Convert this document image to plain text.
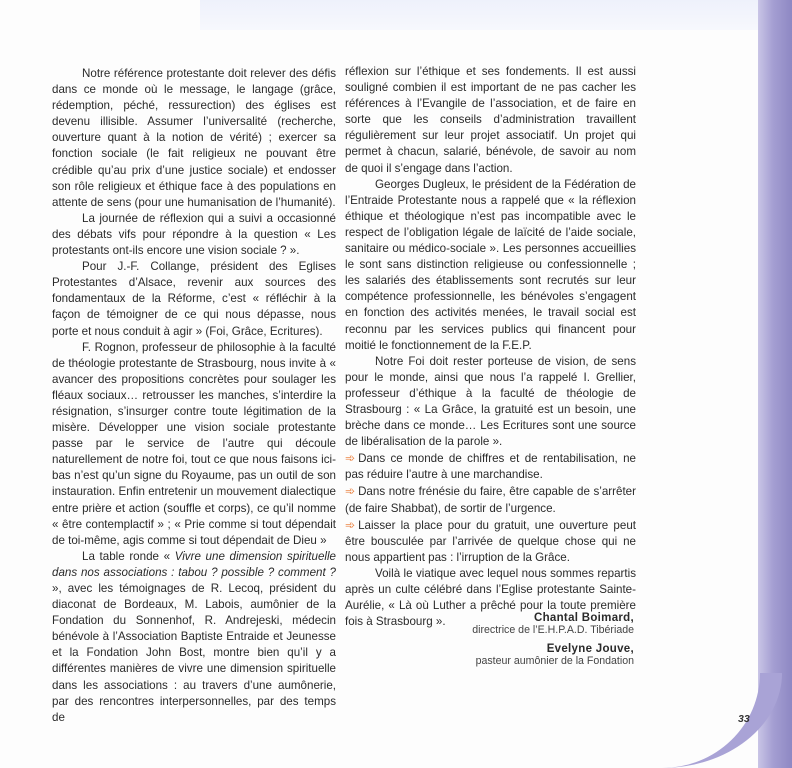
Notre référence protestante doit relever des défis dans ce monde où le message, le langage (grâce, rédemption, péché, ressurection) des églises est devenu illisible. Assumer l’universalité (recherche, ouverture quant à la notion de vérité) ; exercer sa fonction sociale (le fait religieux ne pouvant être crédible qu’au prix d’une justice sociale) et endosser son rôle religieux et éthique face à des populations en attente de sens (pour une humanisation de l’humanité).

La journée de réflexion qui a suivi a occasionné des débats vifs pour répondre à la question « Les protestants ont-ils encore une vision sociale ? ».

Pour J.-F. Collange, président des Eglises Protestantes d’Alsace, revenir aux sources des fondamentaux de la Réforme, c’est « réfléchir à la façon de témoigner de ce qui nous dépasse, nous porte et nous conduit à agir » (Foi, Grâce, Ecritures).

F. Rognon, professeur de philosophie à la faculté de théologie protestante de Strasbourg, nous invite à « avancer des propositions concrètes pour soulager les fléaux sociaux… retrousser les manches, s’interdire la résignation, s’insurger contre toute légitimation de la misère. Développer une vision sociale protestante passe par le service de l’autre qui découle naturellement de notre foi, tout ce que nous faisons ici-bas n’est qu’un signe du Royaume, pas un outil de son instauration. Enfin entretenir un mouvement dialectique entre prière et action (souffle et corps), ce qu’il nomme « être contemplactif » ; « Prie comme si tout dépendait de toi-même, agis comme si tout dépendait de Dieu »

La table ronde « Vivre une dimension spirituelle dans nos associations : tabou ? possible ? comment ? », avec les témoignages de R. Lecoq, président du diaconat de Bordeaux, M. Labois, aumônier de la Fondation du Sonnenhof, R. Andrejeski, médecin bénévole à l’Association Baptiste Entraide et Jeunesse et la Fondation John Bost, montre bien qu’il y a différentes manières de vivre une dimension spirituelle dans les associations : au travers d’une aumônerie, par des rencontres interpersonnelles, par des temps de

réflexion sur l’éthique et ses fondements. Il est aussi souligné combien il est important de ne pas cacher les références à l’Evangile de l’association, et de faire en sorte que les conseils d’administration travaillent régulièrement sur leur projet associatif. Un projet qui permet à chacun, salarié, bénévole, de savoir au nom de quoi il s’engage dans l’action.

Georges Dugleux, le président de la Fédération de l’Entraide Protestante nous a rappelé que « la réflexion éthique et théologique n’est pas incompatible avec le respect de l’obligation légale de laïcité de l’aide sociale, sanitaire ou médico-sociale ». Les personnes accueillies le sont sans distinction religieuse ou confessionnelle ; les salariés des établissements sont recrutés sur leur compétence professionnelle, les bénévoles s’engagent en fonction des activités menées, le travail social est reconnu par les services publics qui financent pour moitié le fonctionnement de la F.E.P.

Notre Foi doit rester porteuse de vision, de sens pour le monde, ainsi que nous l’a rappelé I. Grellier, professeur d’éthique à la faculté de théologie de Strasbourg : « La Grâce, la gratuité est un besoin, une brèche dans ce monde… Les Ecritures sont une source de libéralisation de la parole ».

➾ Dans ce monde de chiffres et de rentabilisation, ne pas réduire l’autre à une marchandise.

➾ Dans notre frénésie du faire, être capable de s’arrêter (de faire Shabbat), de sortir de l’urgence.

➾ Laisser la place pour du gratuit, une ouverture peut être bousculée par l’arrivée de quelque chose qui ne nous appartient pas : l’irruption de la Grâce.

Voilà le viatique avec lequel nous sommes repartis après un culte célébré dans l’Eglise protestante Sainte-Aurélie, « Là où Luther a prêché pour la toute première fois à Strasbourg ».	Chantal Boimard,
directrice de l’E.H.P.A.D. Tibériade
Evelyne Jouve,
pasteur aumônier de la Fondation
33
